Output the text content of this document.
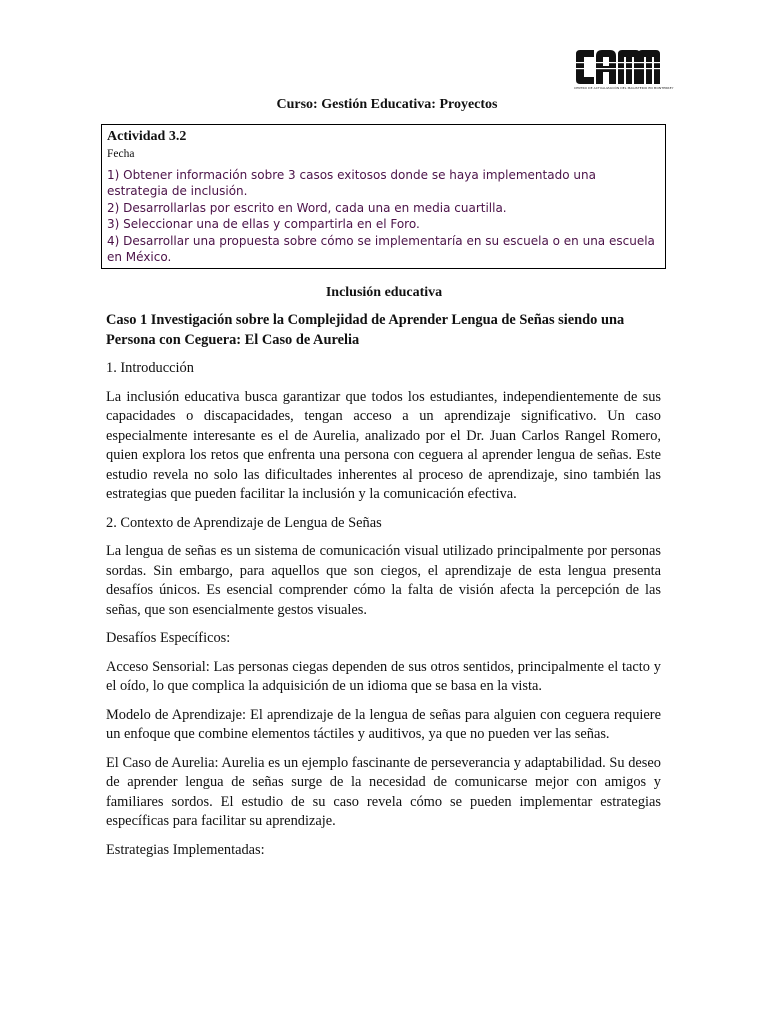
CENTRO DE ACTUALIZACIÓN DEL MAGISTERIO EN MONTERREY
Curso: Gestión Educativa: Proyectos

Actividad 3.2

Fecha

1) Obtener información sobre 3 casos exitosos donde se haya implementado una estrategia de inclusión.
2) Desarrollarlas por escrito en Word, cada una en media cuartilla.
3) Seleccionar una de ellas y compartirla en el Foro.
4) Desarrollar una propuesta sobre cómo se implementaría en su escuela o en una escuela en México.
Inclusión educativa

Caso 1 Investigación sobre la Complejidad de Aprender Lengua de Señas siendo una Persona con Ceguera: El Caso de Aurelia

1. Introducción

La inclusión educativa busca garantizar que todos los estudiantes, independientemente de sus capacidades o discapacidades, tengan acceso a un aprendizaje significativo. Un caso especialmente interesante es el de Aurelia, analizado por el Dr. Juan Carlos Rangel Romero, quien explora los retos que enfrenta una persona con ceguera al aprender lengua de señas. Este estudio revela no solo las dificultades inherentes al proceso de aprendizaje, sino también las estrategias que pueden facilitar la inclusión y la comunicación efectiva.

2. Contexto de Aprendizaje de Lengua de Señas

La lengua de señas es un sistema de comunicación visual utilizado principalmente por personas sordas. Sin embargo, para aquellos que son ciegos, el aprendizaje de esta lengua presenta desafíos únicos. Es esencial comprender cómo la falta de visión afecta la percepción de las señas, que son esencialmente gestos visuales.

Desafíos Específicos:

Acceso Sensorial: Las personas ciegas dependen de sus otros sentidos, principalmente el tacto y el oído, lo que complica la adquisición de un idioma que se basa en la vista.

Modelo de Aprendizaje: El aprendizaje de la lengua de señas para alguien con ceguera requiere un enfoque que combine elementos táctiles y auditivos, ya que no pueden ver las señas.

El Caso de Aurelia: Aurelia es un ejemplo fascinante de perseverancia y adaptabilidad. Su deseo de aprender lengua de señas surge de la necesidad de comunicarse mejor con amigos y familiares sordos. El estudio de su caso revela cómo se pueden implementar estrategias específicas para facilitar su aprendizaje.

Estrategias Implementadas:
